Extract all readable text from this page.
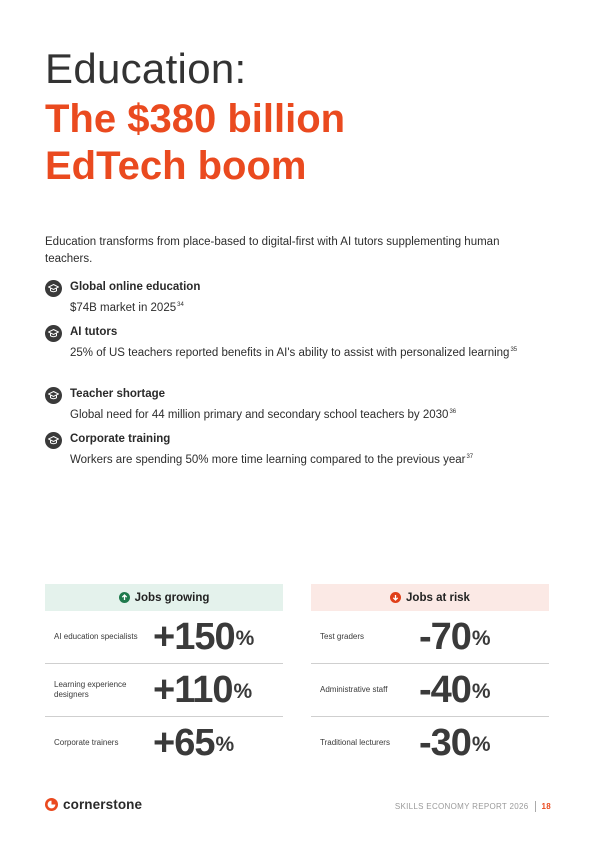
Education:
The $380 billion
EdTech boom
Education transforms from place-based to digital-first with AI tutors supplementing human teachers.
Global online education
$74B market in 2025$^{34}$
AI tutors
25% of US teachers reported benefits in AI's ability to assist with personalized learning$^{35}$
Teacher shortage
Global need for 44 million primary and secondary school teachers by 2030$^{36}$
Corporate training
Workers are spending 50% more time learning compared to the previous year$^{37}$
Jobs growing
AI education specialists +150%
Learning experience designers	+110%
Corporate trainers +65%
Jobs at risk
Test graders	-70%
Administrative staff -40%
Traditional lecturers -30%
cornerstone	SKILLS ECONOMY REPORT 2026 18
